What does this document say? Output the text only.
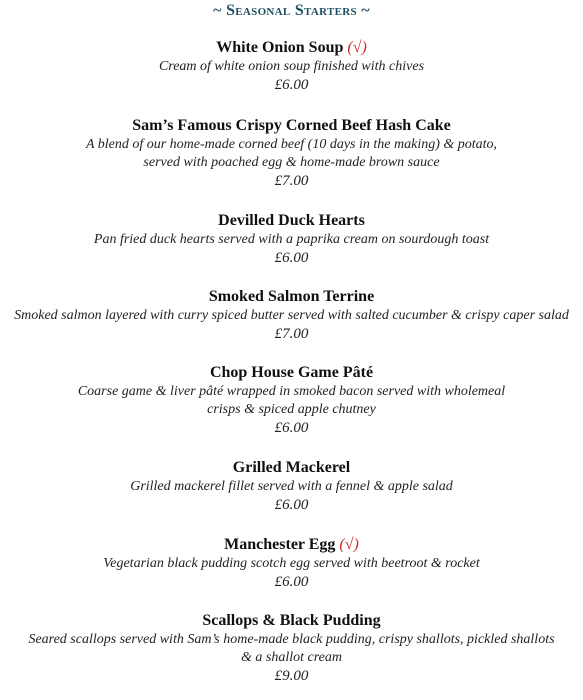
~ Seasonal Starters ~
White Onion Soup (√)
Cream of white onion soup finished with chives
£6.00
Sam’s Famous Crispy Corned Beef Hash Cake
A blend of our home-made corned beef (10 days in the making) & potato,
served with poached egg & home-made brown sauce
£7.00
Devilled Duck Hearts
Pan fried duck hearts served with a paprika cream on sourdough toast
£6.00
Smoked Salmon Terrine
Smoked salmon layered with curry spiced butter served with salted cucumber & crispy caper salad
£7.00
Chop House Game Pâté
Coarse game & liver pâté wrapped in smoked bacon served with wholemeal
crisps & spiced apple chutney
£6.00
Grilled Mackerel
Grilled mackerel fillet served with a fennel & apple salad
£6.00
Manchester Egg (√)
Vegetarian black pudding scotch egg served with beetroot & rocket
£6.00
Scallops & Black Pudding
Seared scallops served with Sam’s home-made black pudding, crispy shallots, pickled shallots
& a shallot cream
£9.00
